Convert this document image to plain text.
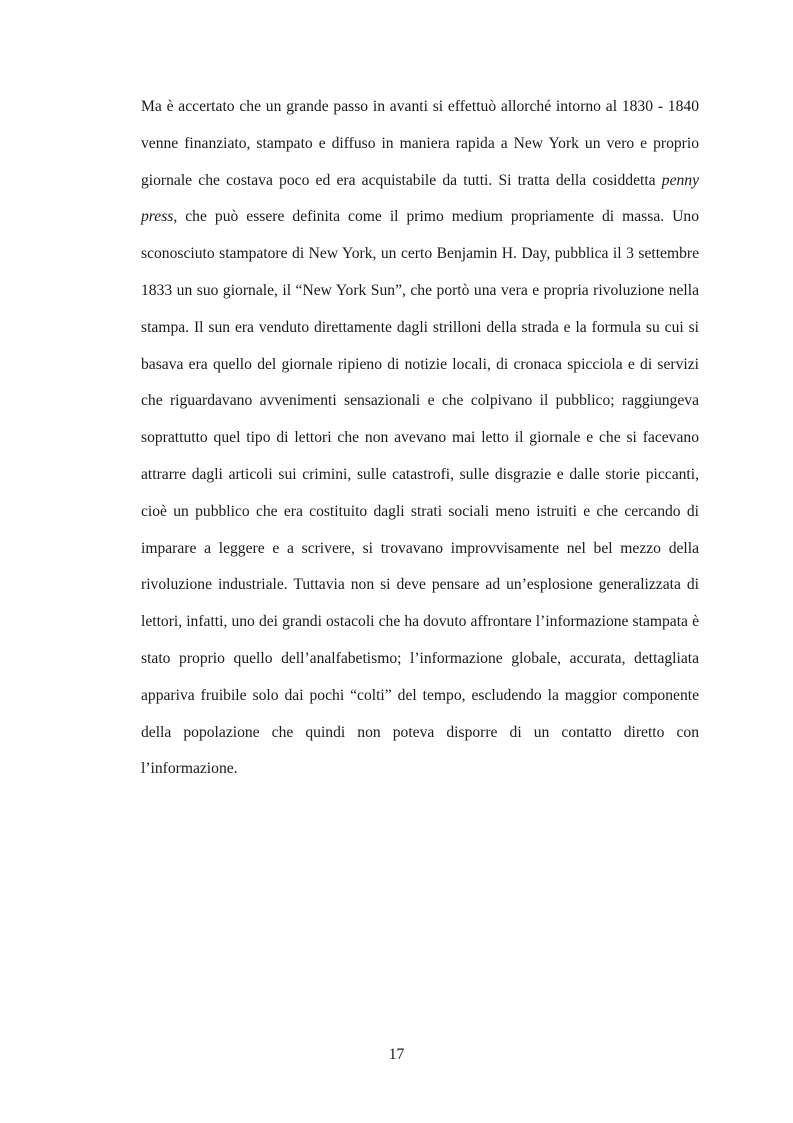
Ma è accertato che un grande passo in avanti si effettuò allorché intorno al 1830 - 1840 venne finanziato, stampato e diffuso in maniera rapida a New York un vero e proprio giornale che costava poco ed era acquistabile da tutti. Si tratta della cosiddetta penny press, che può essere definita come il primo medium propriamente di massa. Uno sconosciuto stampatore di New York, un certo Benjamin H. Day, pubblica il 3 settembre 1833 un suo giornale, il “New York Sun”, che portò una vera e propria rivoluzione nella stampa. Il sun era venduto direttamente dagli strilloni della strada e la formula su cui si basava era quello del giornale ripieno di notizie locali, di cronaca spicciola e di servizi che riguardavano avvenimenti sensazionali e che colpivano il pubblico; raggiungeva soprattutto quel tipo di lettori che non avevano mai letto il giornale e che si facevano attrarre dagli articoli sui crimini, sulle catastrofi, sulle disgrazie e dalle storie piccanti, cioè un pubblico che era costituito dagli strati sociali meno istruiti e che cercando di imparare a leggere e a scrivere, si trovavano improvvisamente nel bel mezzo della rivoluzione industriale. Tuttavia non si deve pensare ad un’esplosione generalizzata di lettori, infatti, uno dei grandi ostacoli che ha dovuto affrontare l’informazione stampata è stato proprio quello dell’analfabetismo; l’informazione globale, accurata, dettagliata appariva fruibile solo dai pochi “colti” del tempo, escludendo la maggior componente della popolazione che quindi non poteva disporre di un contatto diretto con l’informazione.

17
